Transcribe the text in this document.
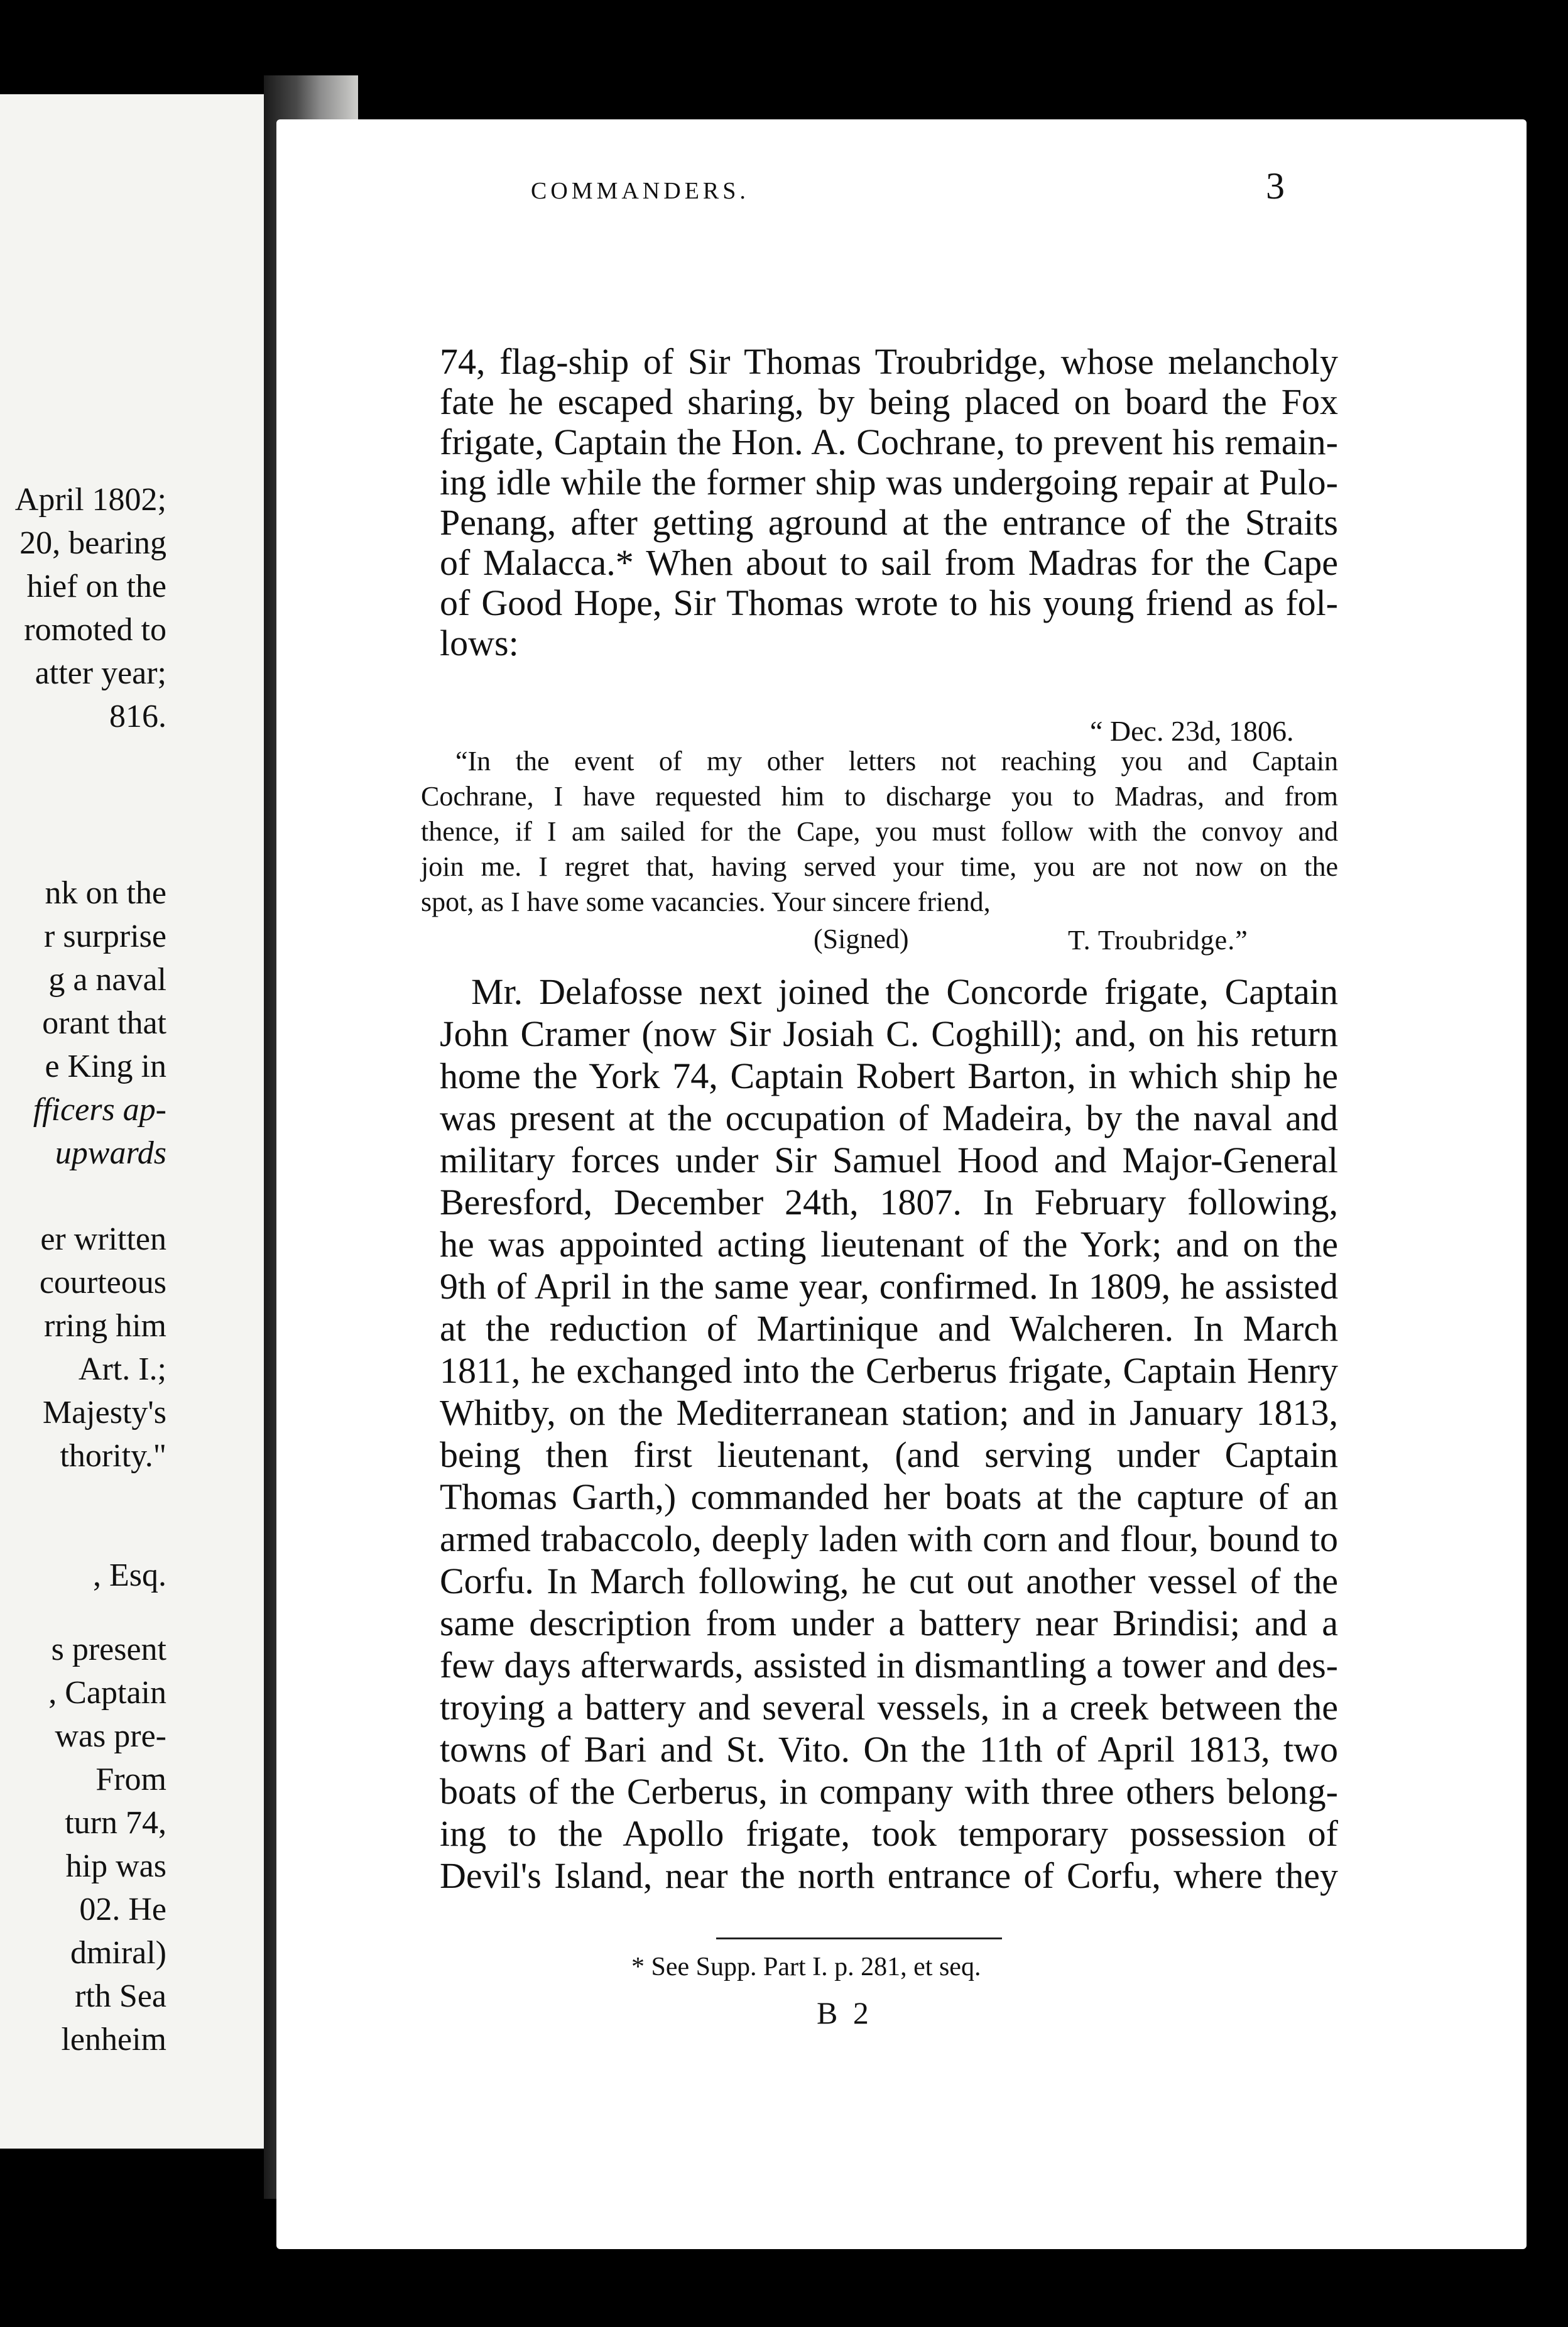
April 1802;
20, bearing
hief on the
romoted to
atter year;
816.
nk on the
r surprise
g a naval
orant that
e King in
fficers ap-
upwards
er written
courteous
rring him
Art. I.;
Majesty's
thority."
, Esq.
s present
, Captain
was pre-
From
turn 74,
hip was
02. He
dmiral)
rth Sea
lenheim
COMMANDERS.	3
74, flag-ship of Sir Thomas Troubridge, whose melancholy
fate he escaped sharing, by being placed on board the Fox
frigate, Captain the Hon. A. Cochrane, to prevent his remain-
ing idle while the former ship was undergoing repair at Pulo-
Penang, after getting aground at the entrance of the Straits
of Malacca.* When about to sail from Madras for the Cape
of Good Hope, Sir Thomas wrote to his young friend as fol-
lows:
“ Dec. 23d, 1806.
“In the event of my other letters not reaching you and Captain
Cochrane, I have requested him to discharge you to Madras, and from
thence, if I am sailed for the Cape, you must follow with the convoy and
join me. I regret that, having served your time, you are not now on the
spot, as I have some vacancies. Your sincere friend,
(Signed)	T. Troubridge.”
Mr. Delafosse next joined the Concorde frigate, Captain
John Cramer (now Sir Josiah C. Coghill); and, on his return
home the York 74, Captain Robert Barton, in which ship he
was present at the occupation of Madeira, by the naval and
military forces under Sir Samuel Hood and Major-General
Beresford, December 24th, 1807. In February following,
he was appointed acting lieutenant of the York; and on the
9th of April in the same year, confirmed. In 1809, he assisted
at the reduction of Martinique and Walcheren. In March
1811, he exchanged into the Cerberus frigate, Captain Henry
Whitby, on the Mediterranean station; and in January 1813,
being then first lieutenant, (and serving under Captain
Thomas Garth,) commanded her boats at the capture of an
armed trabaccolo, deeply laden with corn and flour, bound to
Corfu. In March following, he cut out another vessel of the
same description from under a battery near Brindisi; and a
few days afterwards, assisted in dismantling a tower and des-
troying a battery and several vessels, in a creek between the
towns of Bari and St. Vito. On the 11th of April 1813, two
boats of the Cerberus, in company with three others belong-
ing to the Apollo frigate, took temporary possession of
Devil's Island, near the north entrance of Corfu, where they
* See Supp. Part I. p. 281, et seq.
B 2
